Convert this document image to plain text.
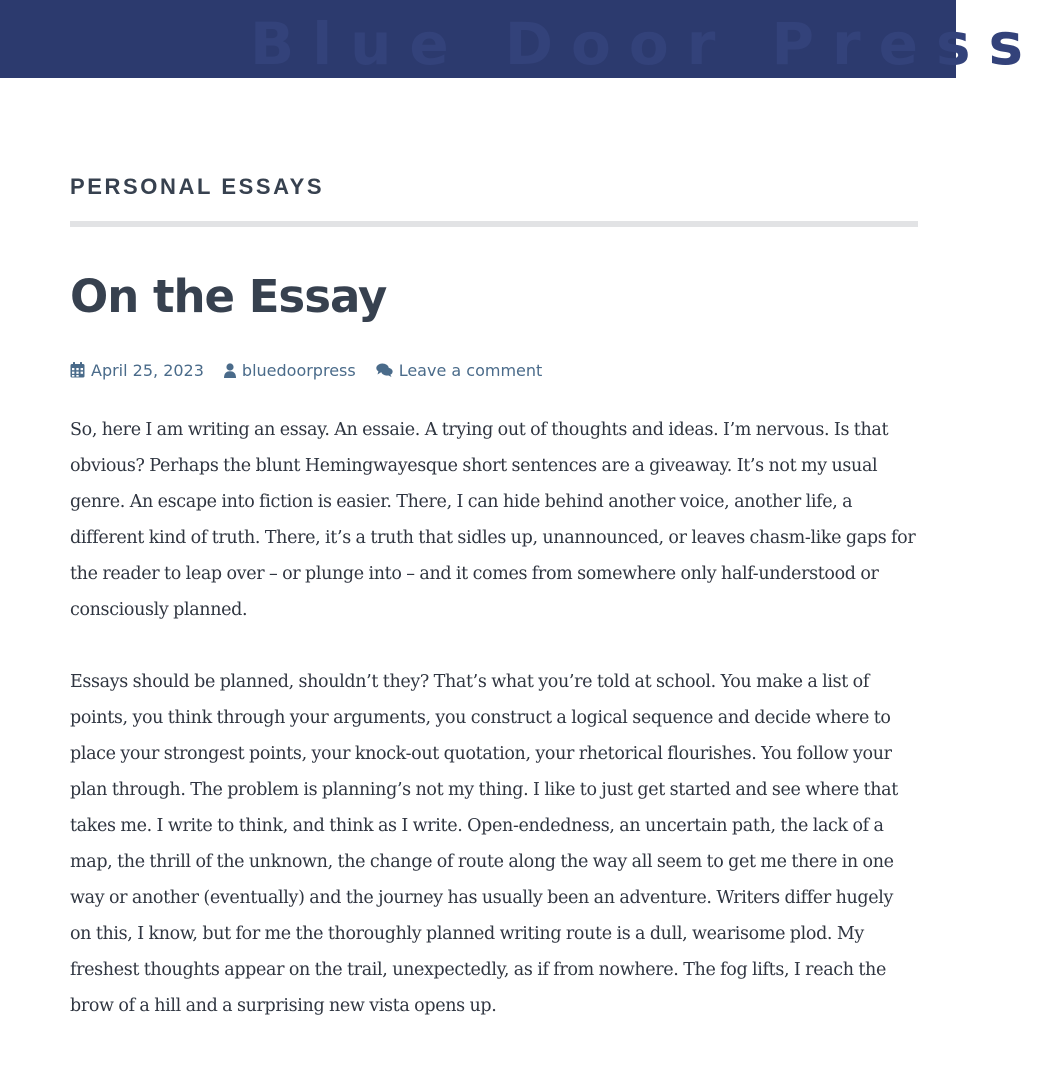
Blue Door Press
PERSONAL ESSAYS
On the Essay
April 25, 2023 bluedoorpress	Leave a comment

So, here I am writing an essay. An essaie. A trying out of thoughts and ideas. I’m nervous. Is that obvious? Perhaps the blunt Hemingwayesque short sentences are a giveaway. It’s not my usual genre. An escape into fiction is easier. There, I can hide behind another voice, another life, a different kind of truth. There, it’s a truth that sidles up, unannounced, or leaves chasm-like gaps for the reader to leap over – or plunge into – and it comes from somewhere only half-understood or consciously planned.

Essays should be planned, shouldn’t they? That’s what you’re told at school. You make a list of points, you think through your arguments, you construct a logical sequence and decide where to place your strongest points, your knock-out quotation, your rhetorical flourishes. You follow your plan through. The problem is planning’s not my thing. I like to just get started and see where that takes me. I write to think, and think as I write. Open-endedness, an uncertain path, the lack of a map, the thrill of the unknown, the change of route along the way all seem to get me there in one way or another (eventually) and the journey has usually been an adventure. Writers differ hugely on this, I know, but for me the thoroughly planned writing route is a dull, wearisome plod. My freshest thoughts appear on the trail, unexpectedly, as if from nowhere. The fog lifts, I reach the brow of a hill and a surprising new vista opens up.
